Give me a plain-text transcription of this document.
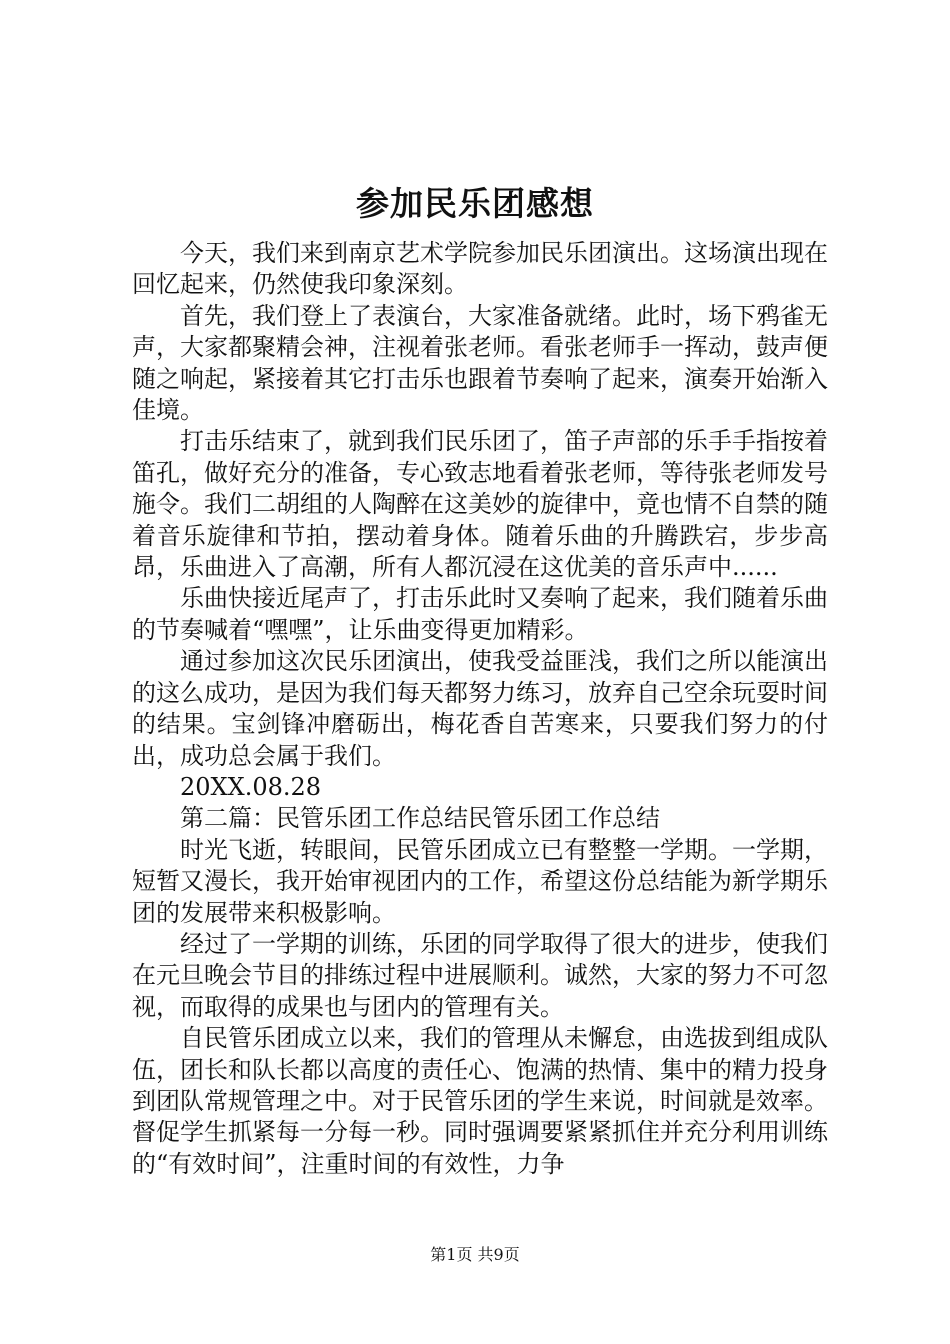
参加民乐团感想

今天，我们来到南京艺术学院参加民乐团演出。这场演出现在回忆起来，仍然使我印象深刻。

首先，我们登上了表演台，大家准备就绪。此时，场下鸦雀无声，大家都聚精会神，注视着张老师。看张老师手一挥动，鼓声便随之响起，紧接着其它打击乐也跟着节奏响了起来，演奏开始渐入佳境。

打击乐结束了，就到我们民乐团了，笛子声部的乐手手指按着笛孔，做好充分的准备，专心致志地看着张老师，等待张老师发号施令。我们二胡组的人陶醉在这美妙的旋律中，竟也情不自禁的随着音乐旋律和节拍，摆动着身体。随着乐曲的升腾跌宕，步步高昂，乐曲进入了高潮，所有人都沉浸在这优美的音乐声中......

乐曲快接近尾声了，打击乐此时又奏响了起来，我们随着乐曲的节奏喊着“嘿嘿”，让乐曲变得更加精彩。

通过参加这次民乐团演出，使我受益匪浅，我们之所以能演出的这么成功，是因为我们每天都努力练习，放弃自己空余玩耍时间的结果。宝剑锋冲磨砺出，梅花香自苦寒来，只要我们努力的付出，成功总会属于我们。

20XX.08.28

第二篇：民管乐团工作总结民管乐团工作总结

时光飞逝，转眼间，民管乐团成立已有整整一学期。一学期，短暂又漫长，我开始审视团内的工作，希望这份总结能为新学期乐团的发展带来积极影响。

经过了一学期的训练，乐团的同学取得了很大的进步，使我们在元旦晚会节目的排练过程中进展顺利。诚然，大家的努力不可忽视，而取得的成果也与团内的管理有关。

自民管乐团成立以来，我们的管理从未懈怠，由选拔到组成队伍，团长和队长都以高度的责任心、饱满的热情、集中的精力投身到团队常规管理之中。对于民管乐团的学生来说，时间就是效率。督促学生抓紧每一分每一秒。同时强调要紧紧抓住并充分利用训练的“有效时间”，注重时间的有效性，力争

第1页 共9页
